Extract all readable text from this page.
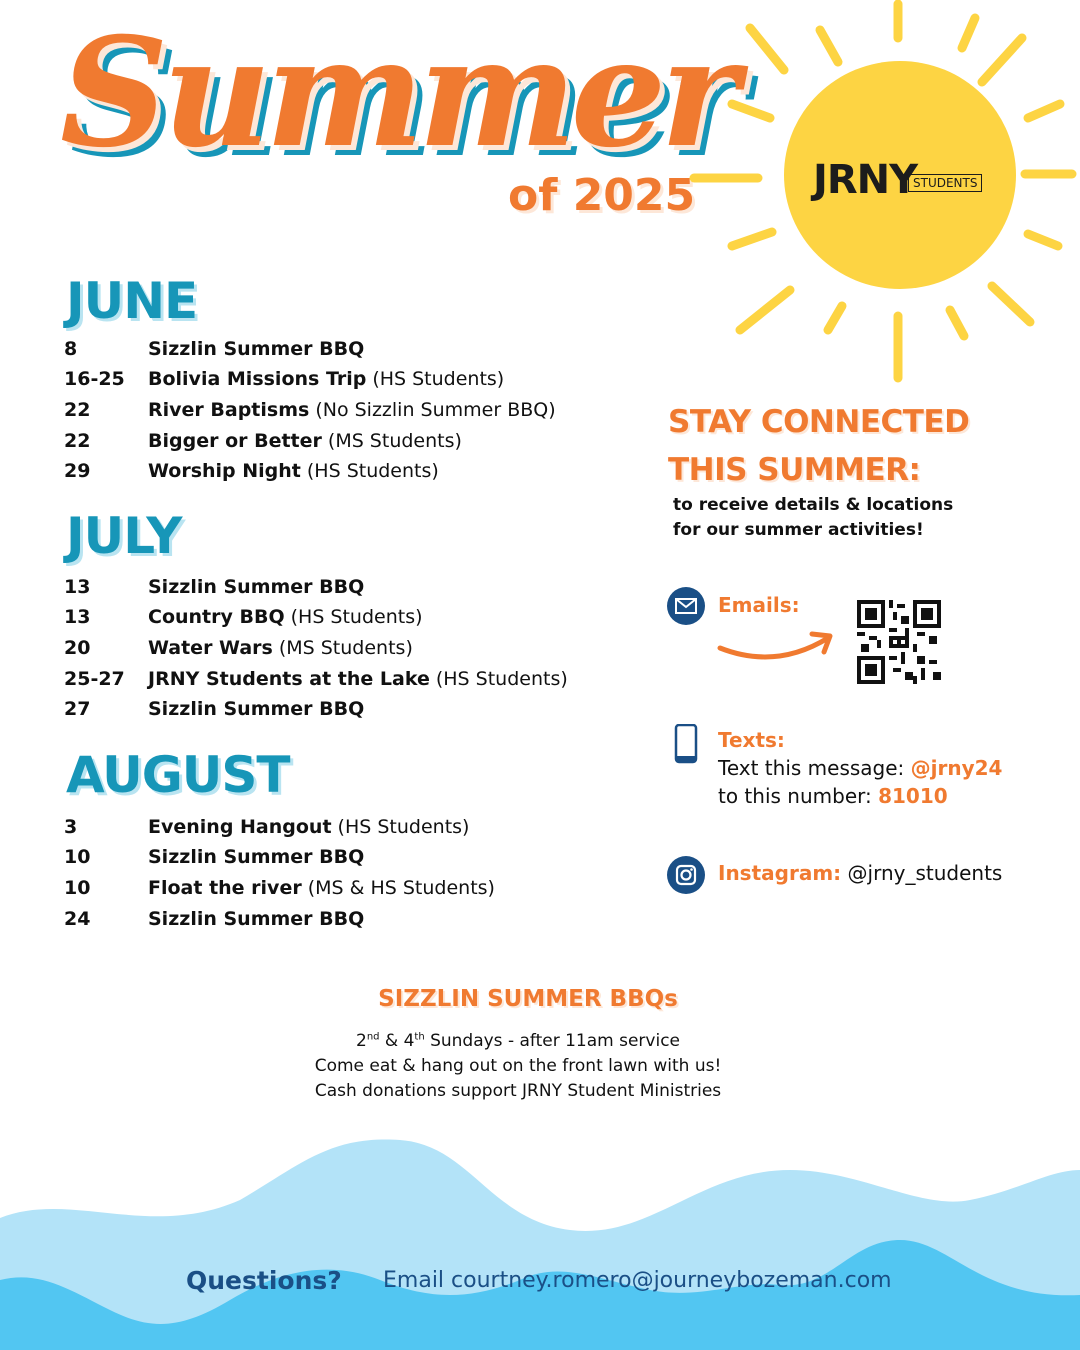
Summer
of 2025	JRNY
STUDENTS
JUNE
8	Sizzlin Summer BBQ
16-25	Bolivia Missions Trip (HS Students)
22	River Baptisms (No Sizzlin Summer BBQ)
22	Bigger or Better (MS Students)
29	Worship Night (HS Students)
JULY
13	Sizzlin Summer BBQ
13	Country BBQ (HS Students)
20	Water Wars (MS Students)
25-27	JRNY Students at the Lake (HS Students)
27	Sizzlin Summer BBQ
AUGUST
3	Evening Hangout (HS Students)
10	Sizzlin Summer BBQ
10	Float the river (MS & HS Students)
24	Sizzlin Summer BBQ
STAY CONNECTED
THIS SUMMER:
to receive details & locations
for our summer activities!
Emails:
Texts:
Text this message: @jrny24
to this number: 81010
Instagram: @jrny_students
SIZZLIN SUMMER BBQs
2nd & 4th Sundays - after 11am service
Come eat & hang out on the front lawn with us!
Cash donations support JRNY Student Ministries
Questions? Email courtney.romero@journeybozeman.com
